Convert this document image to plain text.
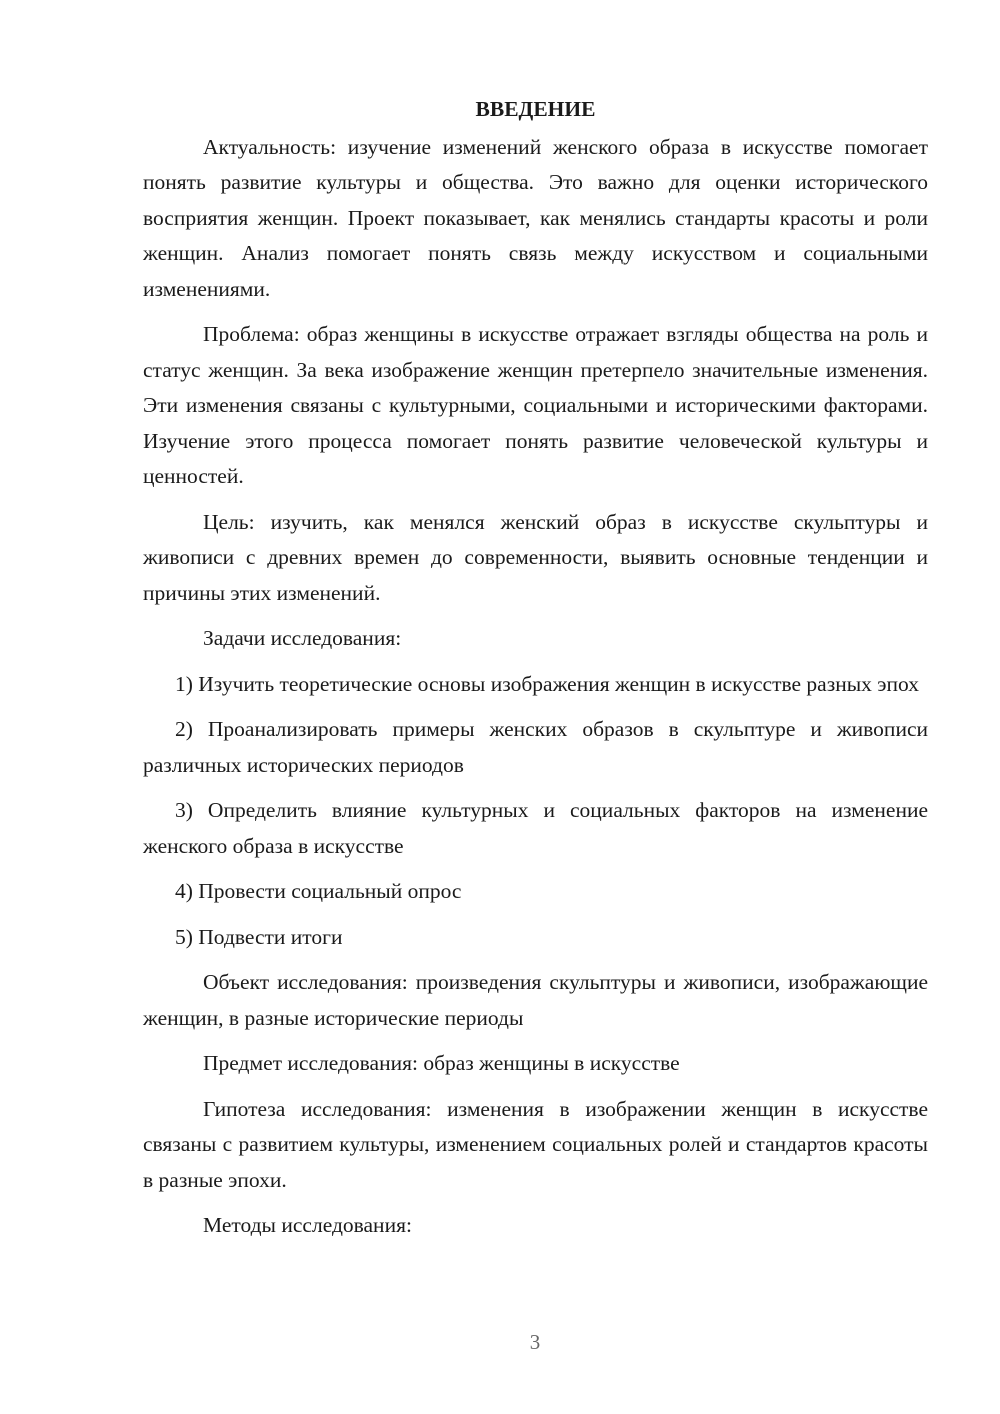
ВВЕДЕНИЕ

Актуальность: изучение изменений женского образа в искусстве помогает понять развитие культуры и общества. Это важно для оценки исторического восприятия женщин. Проект показывает, как менялись стандарты красоты и роли женщин. Анализ помогает понять связь между искусством и социальными изменениями.

Проблема: образ женщины в искусстве отражает взгляды общества на роль и статус женщин. За века изображение женщин претерпело значительные изменения. Эти изменения связаны с культурными, социальными и историческими факторами. Изучение этого процесса помогает понять развитие человеческой культуры и ценностей.

Цель: изучить, как менялся женский образ в искусстве скульптуры и живописи с древних времен до современности, выявить основные тенденции и причины этих изменений.

Задачи исследования:

1) Изучить теоретические основы изображения женщин в искусстве разных эпох

2) Проанализировать примеры женских образов в скульптуре и живописи различных исторических периодов

3) Определить влияние культурных и социальных факторов на изменение женского образа в искусстве

4) Провести социальный опрос

5) Подвести итоги

Объект исследования: произведения скульптуры и живописи, изображающие женщин, в разные исторические периоды

Предмет исследования: образ женщины в искусстве

Гипотеза исследования: изменения в изображении женщин в искусстве связаны с развитием культуры, изменением социальных ролей и стандартов красоты в разные эпохи.

Методы исследования:

3
